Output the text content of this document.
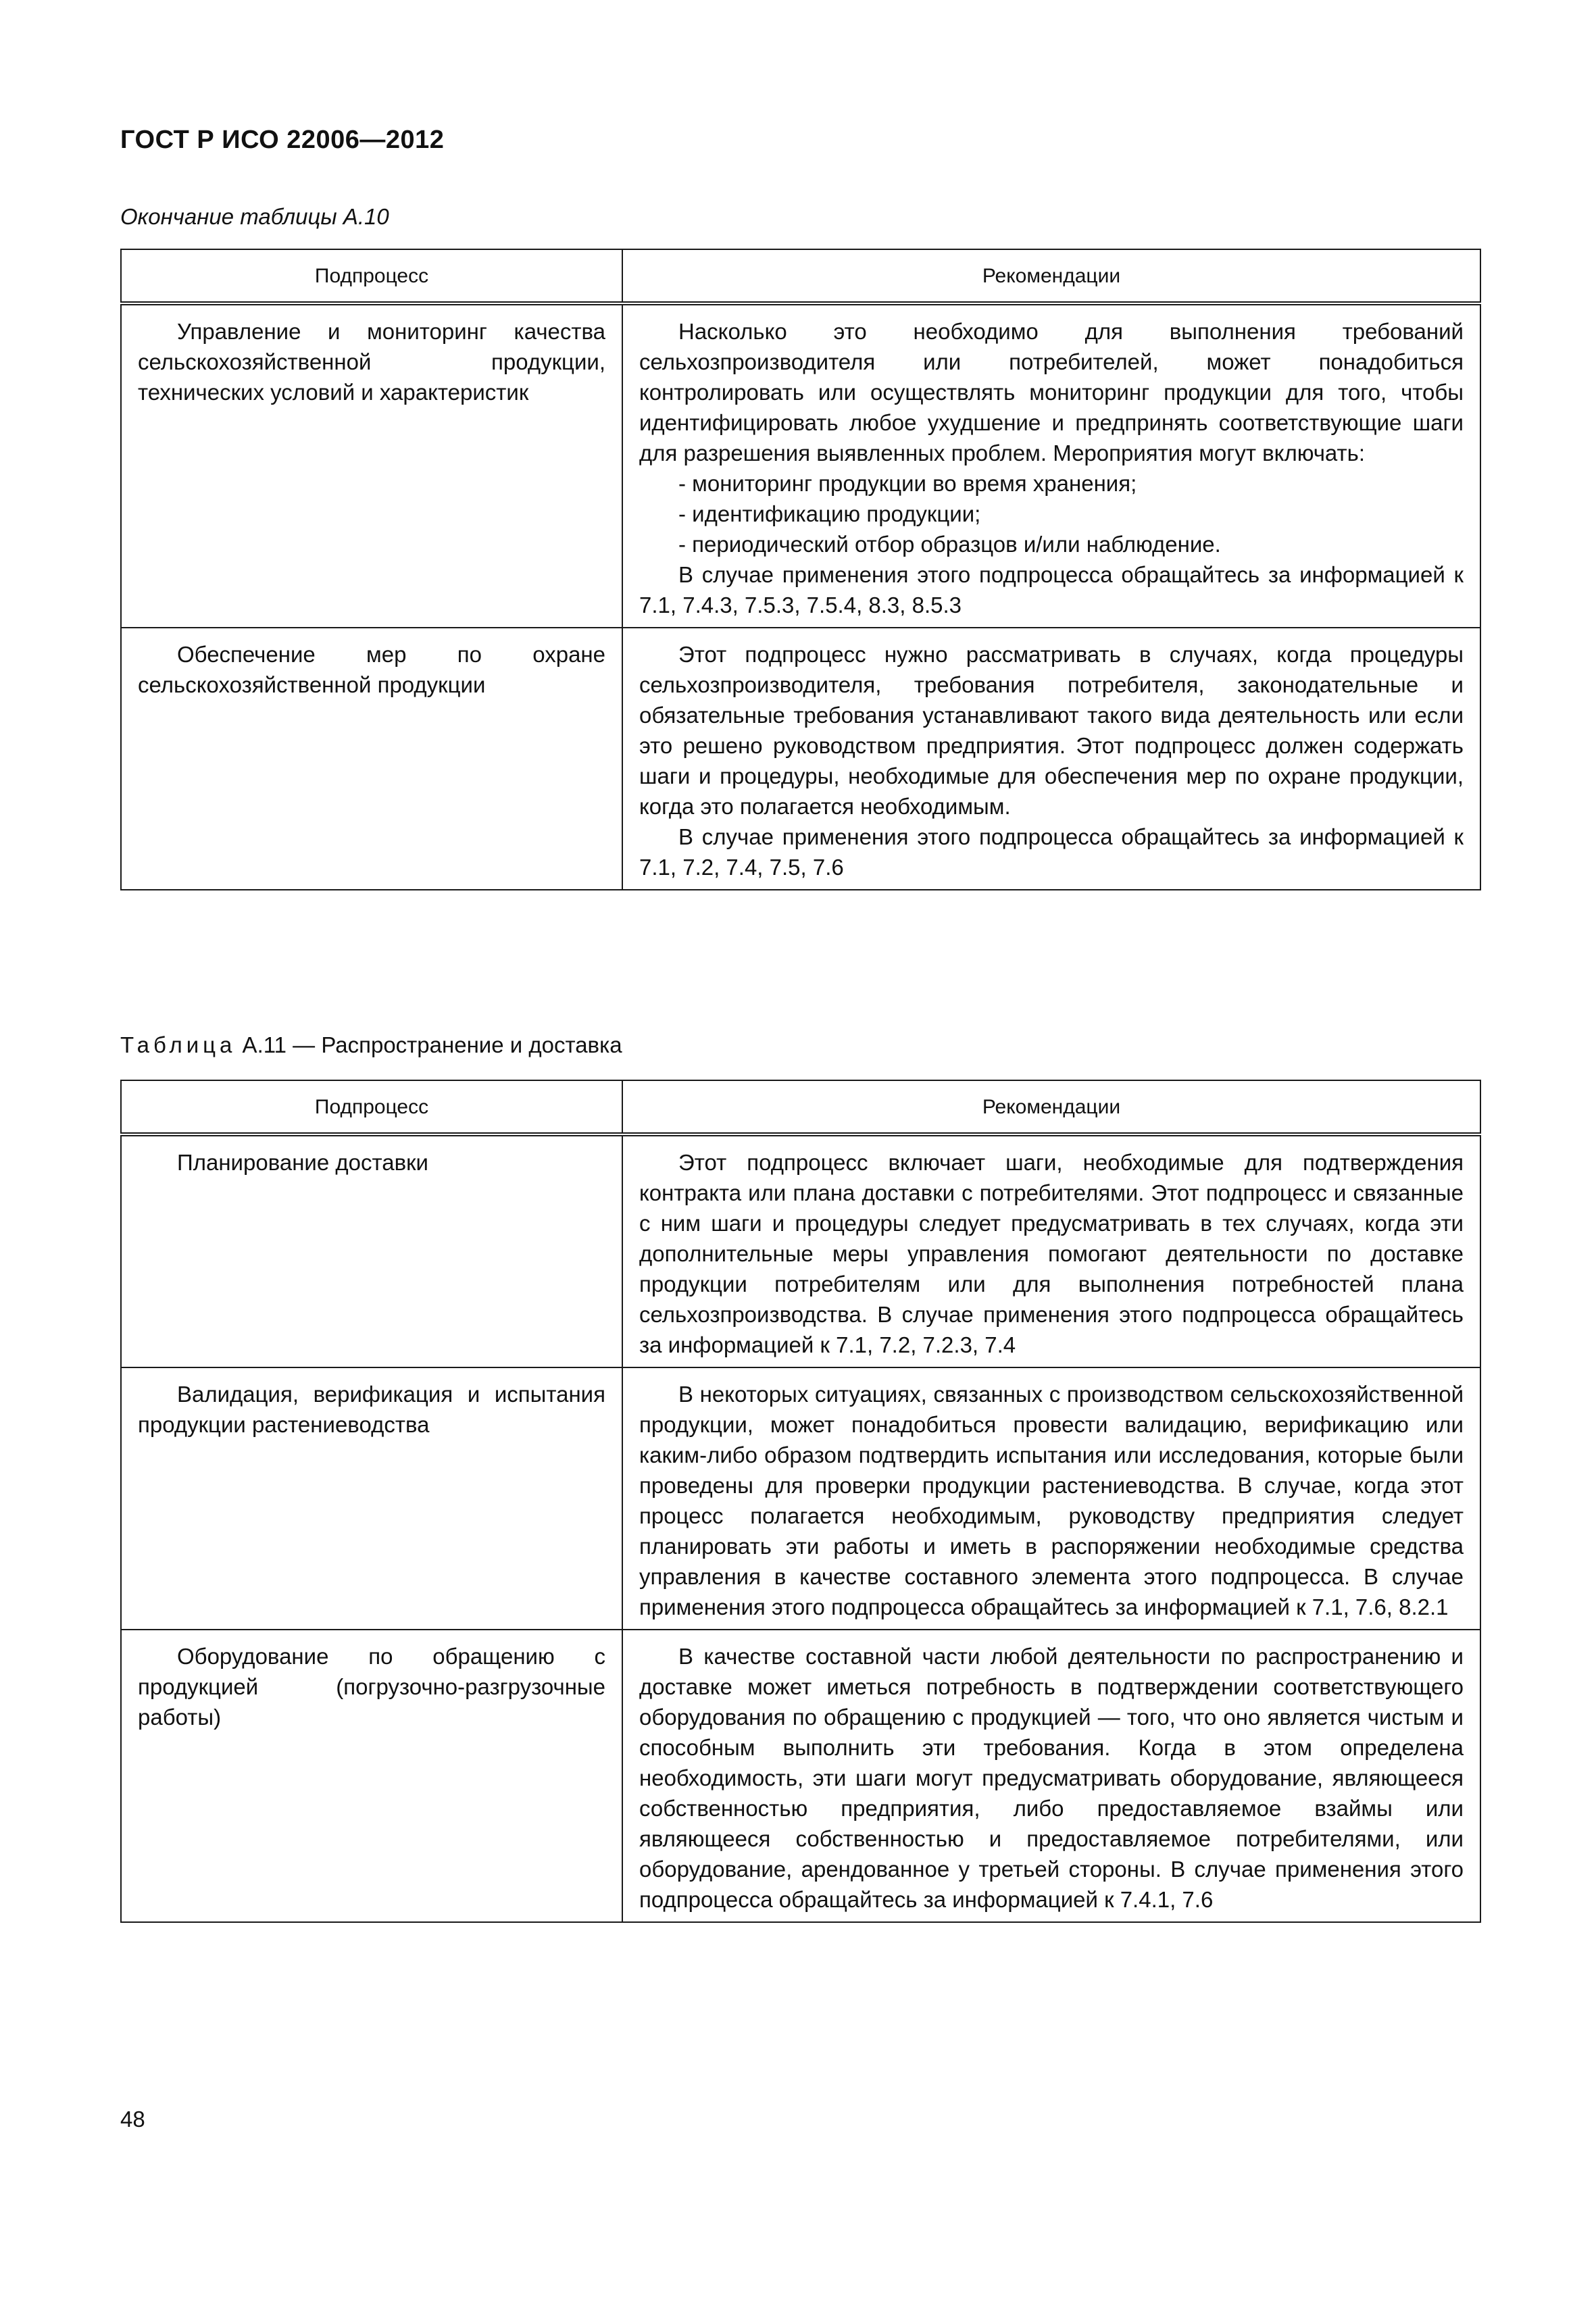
ГОСТ Р ИСО 22006—2012
Окончание таблицы А.10
Подпроцесс	Рекомендации

Управление и мониторинг качества сельскохозяйственной продукции, технических условий и характеристик	Насколько это необходимо для выполнения требований сельхозпроизводителя или потребителей, может понадобиться контролировать или осуществлять мониторинг продукции для того, чтобы идентифицировать любое ухудшение и предпринять соответствующие шаги для разрешения выявленных проблем. Мероприятия могут включать:

- мониторинг продукции во время хранения;

- идентификацию продукции;

- периодический отбор образцов и/или наблюдение.

В случае применения этого подпроцесса обращайтесь за информацией к 7.1, 7.4.3, 7.5.3, 7.5.4, 8.3, 8.5.3

Обеспечение мер по охране сельскохозяйственной продукции	Этот подпроцесс нужно рассматривать в случаях, когда процедуры сельхозпроизводителя, требования потребителя, законодательные и обязательные требования устанавливают такого вида деятельность или если это решено руководством предприятия. Этот подпроцесс должен содержать шаги и процедуры, необходимые для обеспечения мер по охране продукции, когда это полагается необходимым.

В случае применения этого подпроцесса обращайтесь за информацией к 7.1, 7.2, 7.4, 7.5, 7.6

Таблица А.11 — Распространение и доставка
Подпроцесс	Рекомендации

Планирование доставки	Этот подпроцесс включает шаги, необходимые для подтверждения контракта или плана доставки с потребителями. Этот подпроцесс и связанные с ним шаги и процедуры следует предусматривать в тех случаях, когда эти дополнительные меры управления помогают деятельности по доставке продукции потребителям или для выполнения потребностей плана сельхозпроизводства. В случае применения этого подпроцесса обращайтесь за информацией к 7.1, 7.2, 7.2.3, 7.4

Валидация, верификация и испытания продукции растениеводства	В некоторых ситуациях, связанных с производством сельскохозяйственной продукции, может понадобиться провести валидацию, верификацию или каким-либо образом подтвердить испытания или исследования, которые были проведены для проверки продукции растениеводства. В случае, когда этот процесс полагается необходимым, руководству предприятия следует планировать эти работы и иметь в распоряжении необходимые средства управления в качестве составного элемента этого подпроцесса. В случае применения этого подпроцесса обращайтесь за информацией к 7.1, 7.6, 8.2.1

Оборудование по обращению с продукцией (погрузочно-разгрузочные работы)	В качестве составной части любой деятельности по распространению и доставке может иметься потребность в подтверждении соответствующего оборудования по обращению с продукцией — того, что оно является чистым и способным выполнить эти требования. Когда в этом определена необходимость, эти шаги могут предусматривать оборудование, являющееся собственностью предприятия, либо предоставляемое взаймы или являющееся собственностью и предоставляемое потребителями, или оборудование, арендованное у третьей стороны. В случае применения этого подпроцесса обращайтесь за информацией к 7.4.1, 7.6

48
